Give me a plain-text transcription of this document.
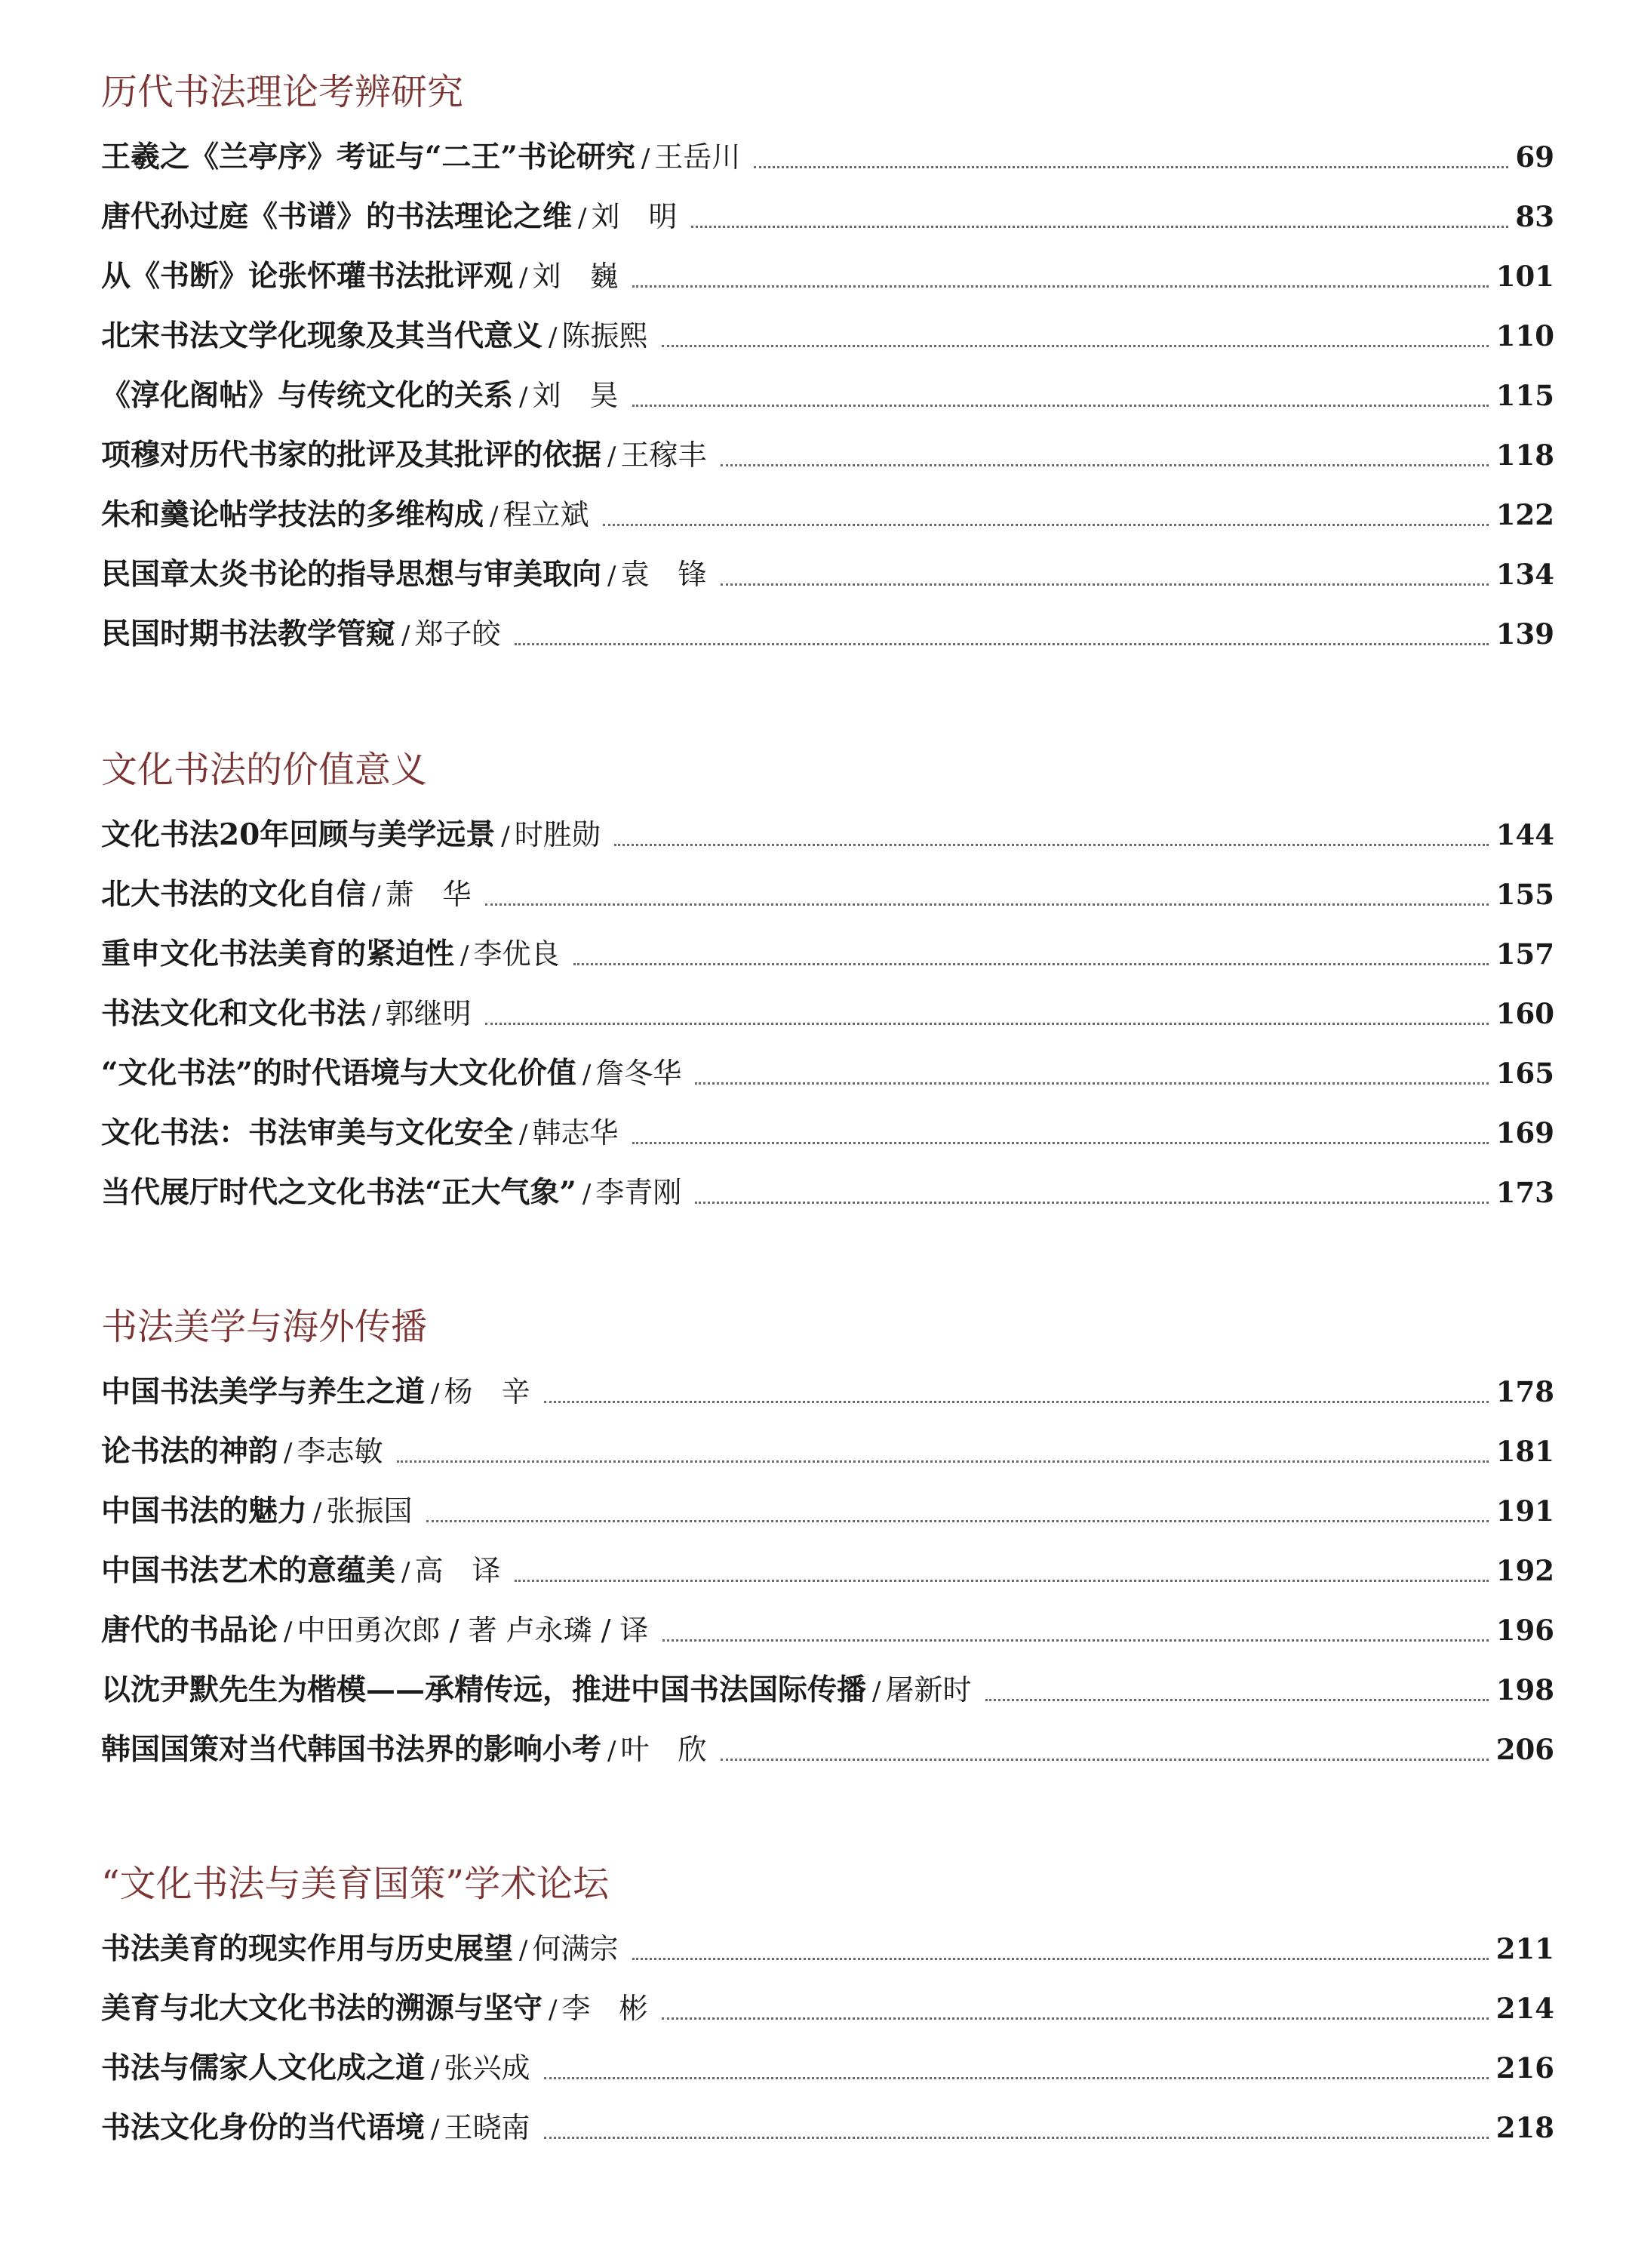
历代书法理论考辨研究
王羲之《兰亭序》考证与“二王”书论研究 / 王岳川	69
唐代孙过庭《书谱》的书法理论之维 / 刘　明	83
从《书断》论张怀瓘书法批评观 / 刘　巍	101
北宋书法文学化现象及其当代意义 / 陈振熙	110
《淳化阁帖》与传统文化的关系 / 刘　昊	115
项穆对历代书家的批评及其批评的依据 / 王稼丰	118
朱和羹论帖学技法的多维构成 / 程立斌	122
民国章太炎书论的指导思想与审美取向 / 袁　锋	134
民国时期书法教学管窥 / 郑子皎	139
文化书法的价值意义
文化书法20年回顾与美学远景 / 时胜勋	144
北大书法的文化自信 / 萧　华	155
重申文化书法美育的紧迫性 / 李优良	157
书法文化和文化书法 / 郭继明	160
“文化书法”的时代语境与大文化价值 / 詹冬华	165
文化书法：书法审美与文化安全 / 韩志华	169
当代展厅时代之文化书法“正大气象” / 李青刚	173
书法美学与海外传播
中国书法美学与养生之道 / 杨　辛	178
论书法的神韵 / 李志敏	181
中国书法的魅力 / 张振国	191
中国书法艺术的意蕴美 / 高　译	192
唐代的书品论 / 中田勇次郎 / 著 卢永璘 / 译	196
以沈尹默先生为楷模——承精传远，推进中国书法国际传播 / 屠新时	198
韩国国策对当代韩国书法界的影响小考 / 叶　欣	206
“文化书法与美育国策”学术论坛
书法美育的现实作用与历史展望 / 何满宗	211
美育与北大文化书法的溯源与坚守 / 李　彬	214
书法与儒家人文化成之道 / 张兴成	216
书法文化身份的当代语境 / 王晓南	218
